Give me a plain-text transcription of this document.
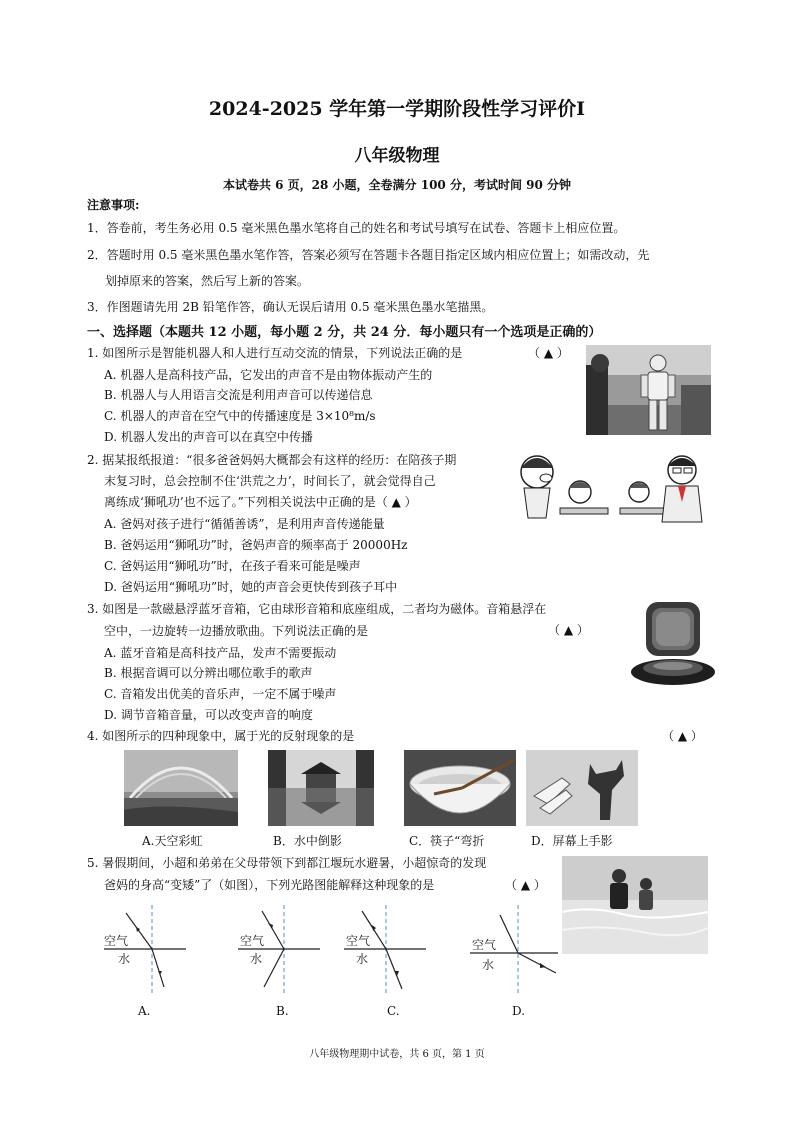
2024-2025 学年第一学期阶段性学习评价I
八年级物理
本试卷共 6 页，28 小题，全卷满分 100 分，考试时间 90 分钟
注意事项:
1．答卷前，考生务必用 0.5 毫米黑色墨水笔将自己的姓名和考试号填写在试卷、答题卡上相应位置。
2．答题时用 0.5 毫米黑色墨水笔作答，答案必须写在答题卡各题目指定区域内相应位置上；如需改动，先
划掉原来的答案，然后写上新的答案。
3．作图题请先用 2B 铅笔作答，确认无误后请用 0.5 毫米黑色墨水笔描黑。
一、选择题（本题共 12 小题，每小题 2 分，共 24 分．每小题只有一个选项是正确的）
1. 如图所示是智能机器人和人进行互动交流的情景，下列说法正确的是	（ ▲ ）
A. 机器人是高科技产品，它发出的声音不是由物体振动产生的
B. 机器人与人用语言交流是利用声音可以传递信息
C. 机器人的声音在空气中的传播速度是 3×10⁸m/s
D. 机器人发出的声音可以在真空中传播
2. 据某报纸报道：“很多爸爸妈妈大概都会有这样的经历：在陪孩子期
末复习时，总会控制不住‘洪荒之力’，时间长了，就会觉得自己
离练成‘狮吼功’也不远了。”下列相关说法中正确的是（ ▲ ）
A. 爸妈对孩子进行“循循善诱”，是利用声音传递能量
B. 爸妈运用“狮吼功”时，爸妈声音的频率高于 20000Hz
C. 爸妈运用“狮吼功”时，在孩子看来可能是噪声
D. 爸妈运用“狮吼功”时，她的声音会更快传到孩子耳中
3. 如图是一款磁悬浮蓝牙音箱，它由球形音箱和底座组成，二者均为磁体。音箱悬浮在
空中，一边旋转一边播放歌曲。下列说法正确的是	（ ▲ ）
A. 蓝牙音箱是高科技产品，发声不需要振动
B. 根据音调可以分辨出哪位歌手的歌声
C. 音箱发出优美的音乐声，一定不属于噪声
D. 调节音箱音量，可以改变声音的响度
4. 如图所示的四种现象中，属于光的反射现象的是	（ ▲ ）
A.天空彩虹	B．水中倒影	C．筷子“弯折	D．屏幕上手影
5. 暑假期间，小超和弟弟在父母带领下到都江堰玩水避暑，小超惊奇的发现
爸妈的身高“变矮”了（如图），下列光路图能解释这种现象的是	（ ▲ ）
空气
水
空气
水
空气
水
空气
水
A.	B.	C.	D.
八年级物理期中试卷，共 6 页，第 1 页
